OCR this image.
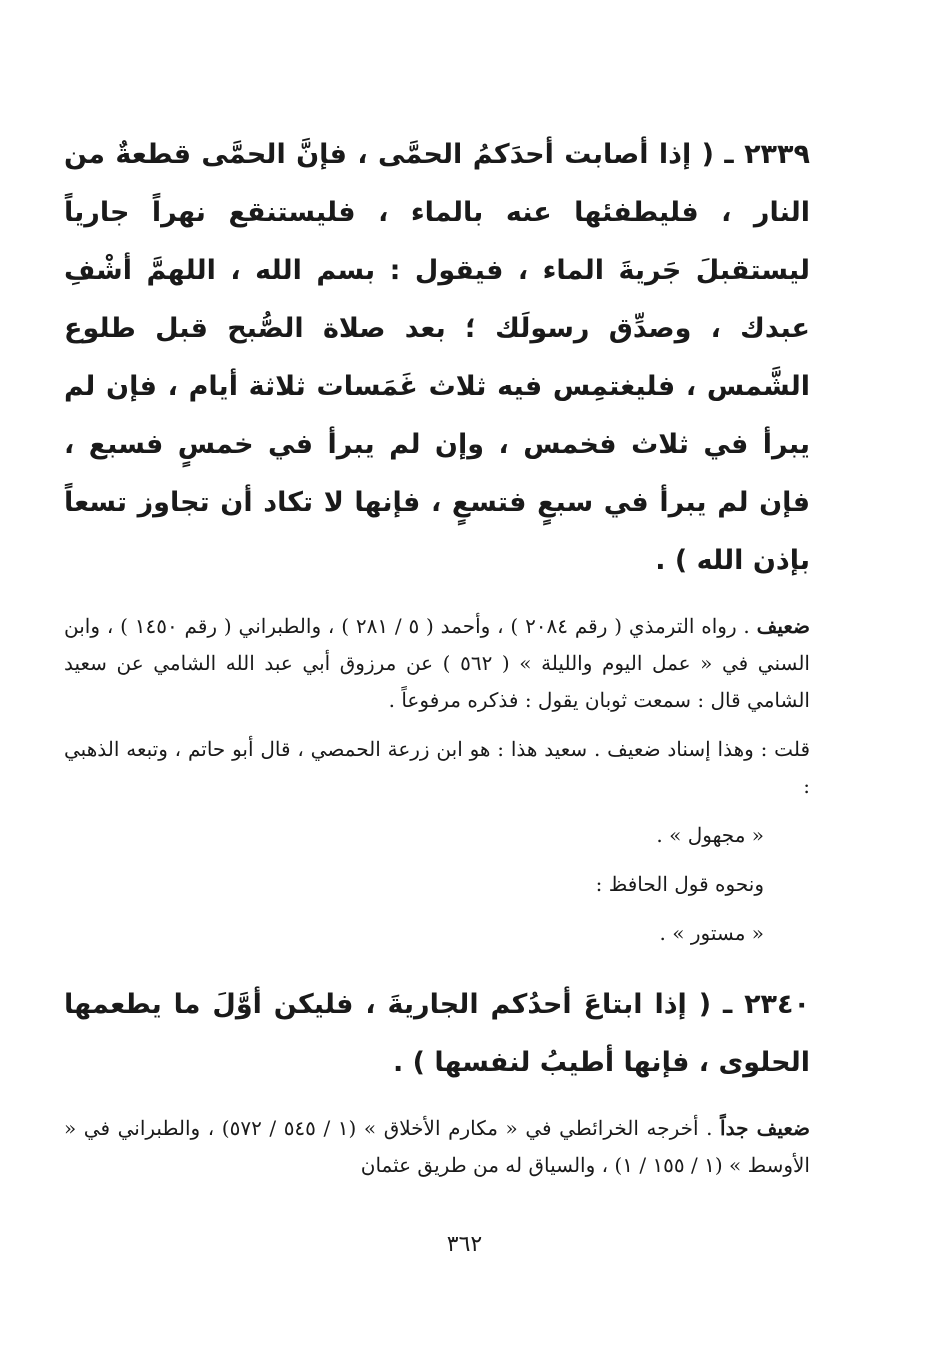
٢٣٣٩ ـ ( إذا أصابت أحدَكمُ الحمَّى ، فإنَّ الحمَّى قطعةٌ من النار ، فليطفئها عنه بالماء ، فليستنقع نهراً جارياً ليستقبلَ جَريةَ الماء ، فيقول : بسم الله ، اللهمَّ أشْفِ عبدك ، وصدِّق رسولَك ؛ بعد صلاة الصُّبح قبل طلوع الشَّمس ، فليغتمِس فيه ثلاث غَمَسات ثلاثة أيام ، فإن لم يبرأ في ثلاث فخمس ، وإن لم يبرأ في خمسٍ فسبع ، فإن لم يبرأ في سبعٍ فتسعٍ ، فإنها لا تكاد أن تجاوز تسعاً بإذن الله ) .

ضعيف . رواه الترمذي ( رقم ٢٠٨٤ ) ، وأحمد ( ٥ / ٢٨١ ) ، والطبراني ( رقم ١٤٥٠ ) ، وابن السني في « عمل اليوم والليلة » ( ٥٦٢ ) عن مرزوق أبي عبد الله الشامي عن سعيد الشامي قال : سمعت ثوبان يقول : فذكره مرفوعاً .

قلت : وهذا إسناد ضعيف . سعيد هذا : هو ابن زرعة الحمصي ، قال أبو حاتم ، وتبعه الذهبي :

« مجهول » .

ونحوه قول الحافظ :

« مستور » .

٢٣٤٠ ـ ( إذا ابتاعَ أحدُكم الجاريةَ ، فليكن أوَّلَ ما يطعمها الحلوى ، فإنها أطيبُ لنفسها ) .

ضعيف جداً . أخرجه الخرائطي في « مكارم الأخلاق » (١ / ٥٤٥ / ٥٧٢) ، والطبراني في « الأوسط » (١ / ١٥٥ / ١) ، والسياق له من طريق عثمان

٣٦٢
